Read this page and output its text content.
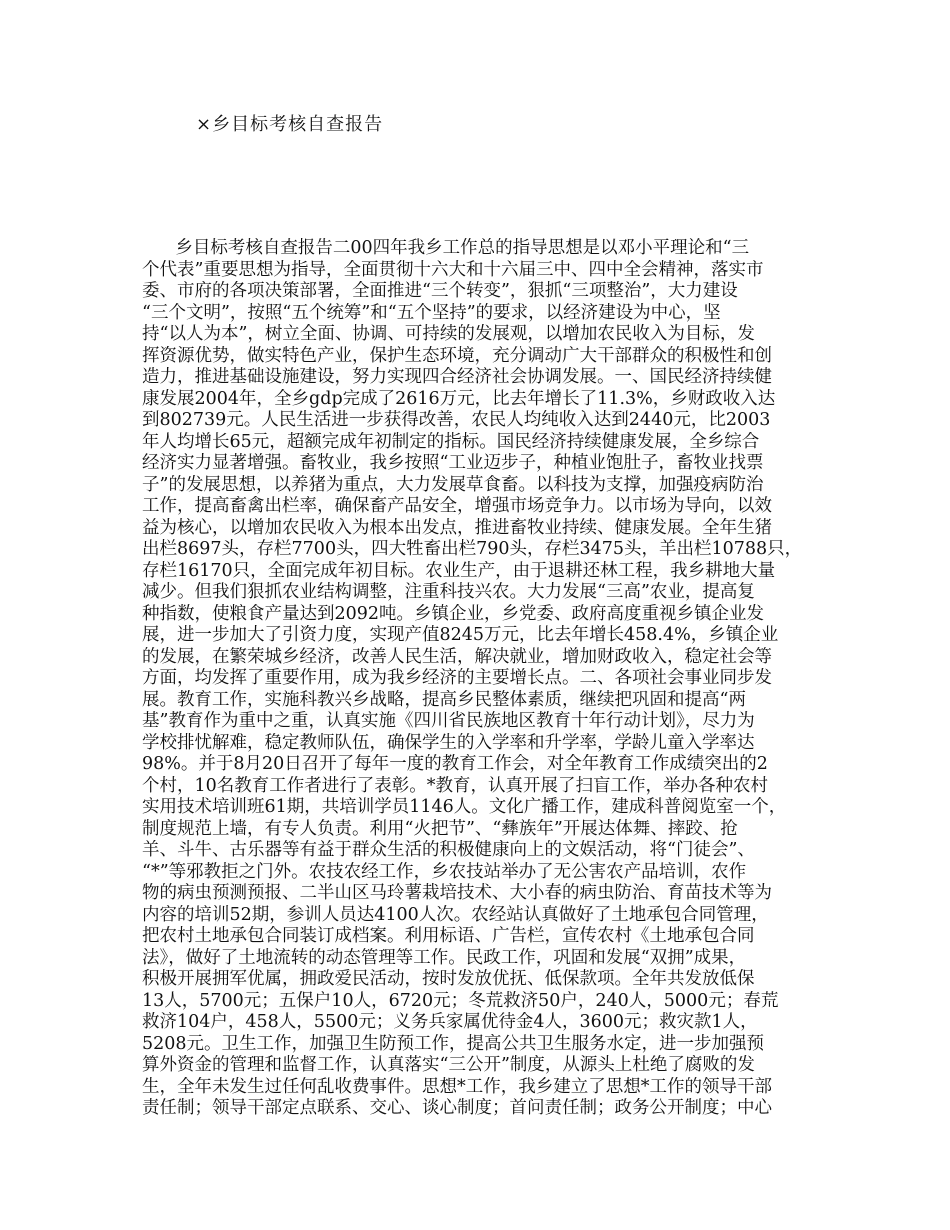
×乡目标考核自查报告
乡目标考核自查报告二00四年我乡工作总的指导思想是以邓小平理论和“三
个代表”重要思想为指导，全面贯彻十六大和十六届三中、四中全会精神，落实市
委、市府的各项决策部署，全面推进“三个转变”，狠抓“三项整治”，大力建设
“三个文明”，按照“五个统筹”和“五个坚持”的要求，以经济建设为中心，坚
持“以人为本”，树立全面、协调、可持续的发展观，以增加农民收入为目标，发
挥资源优势，做实特色产业，保护生态环境，充分调动广大干部群众的积极性和创
造力，推进基础设施建设，努力实现四合经济社会协调发展。一、国民经济持续健
康发展2004年，全乡gdp完成了2616万元，比去年增长了11.3%，乡财政收入达
到802739元。人民生活进一步获得改善，农民人均纯收入达到2440元，比2003
年人均增长65元，超额完成年初制定的指标。国民经济持续健康发展，全乡综合
经济实力显著增强。畜牧业，我乡按照“工业迈步子，种植业饱肚子，畜牧业找票
子”的发展思想，以养猪为重点，大力发展草食畜。以科技为支撑，加强疫病防治
工作，提高畜禽出栏率，确保畜产品安全，增强市场竞争力。以市场为导向，以效
益为核心，以增加农民收入为根本出发点，推进畜牧业持续、健康发展。全年生猪
出栏8697头，存栏7700头，四大牲畜出栏790头，存栏3475头，羊出栏10788只，
存栏16170只，全面完成年初目标。农业生产，由于退耕还林工程，我乡耕地大量
减少。但我们狠抓农业结构调整，注重科技兴农。大力发展“三高”农业，提高复
种指数，使粮食产量达到2092吨。乡镇企业，乡党委、政府高度重视乡镇企业发
展，进一步加大了引资力度，实现产值8245万元，比去年增长458.4%，乡镇企业
的发展，在繁荣城乡经济，改善人民生活，解决就业，增加财政收入，稳定社会等
方面，均发挥了重要作用，成为我乡经济的主要增长点。二、各项社会事业同步发
展。教育工作，实施科教兴乡战略，提高乡民整体素质，继续把巩固和提高“两
基”教育作为重中之重，认真实施《四川省民族地区教育十年行动计划》，尽力为
学校排忧解难，稳定教师队伍，确保学生的入学率和升学率，学龄儿童入学率达
98%。并于8月20日召开了每年一度的教育工作会，对全年教育工作成绩突出的2
个村，10名教育工作者进行了表彰。*教育，认真开展了扫盲工作，举办各种农村
实用技术培训班61期，共培训学员1146人。文化广播工作，建成科普阅览室一个，
制度规范上墙，有专人负责。利用“火把节”、“彝族年”开展达体舞、摔跤、抢
羊、斗牛、古乐器等有益于群众生活的积极健康向上的文娱活动，将“门徒会”、
“*”等邪教拒之门外。农技农经工作，乡农技站举办了无公害农产品培训，农作
物的病虫预测预报、二半山区马玲薯栽培技术、大小春的病虫防治、育苗技术等为
内容的培训52期，参训人员达4100人次。农经站认真做好了土地承包合同管理，
把农村土地承包合同装订成档案。利用标语、广告栏，宣传农村《土地承包合同
法》，做好了土地流转的动态管理等工作。民政工作，巩固和发展“双拥”成果，
积极开展拥军优属，拥政爱民活动，按时发放优抚、低保款项。全年共发放低保
13人，5700元；五保户10人，6720元；冬荒救济50户，240人，5000元；春荒
救济104户，458人，5500元；义务兵家属优待金4人，3600元；救灾款1人，
5208元。卫生工作，加强卫生防预工作，提高公共卫生服务水定，进一步加强预
算外资金的管理和监督工作，认真落实“三公开”制度，从源头上杜绝了腐败的发
生，全年未发生过任何乱收费事件。思想*工作，我乡建立了思想*工作的领导干部
责任制；领导干部定点联系、交心、谈心制度；首问责任制；政务公开制度；中心
